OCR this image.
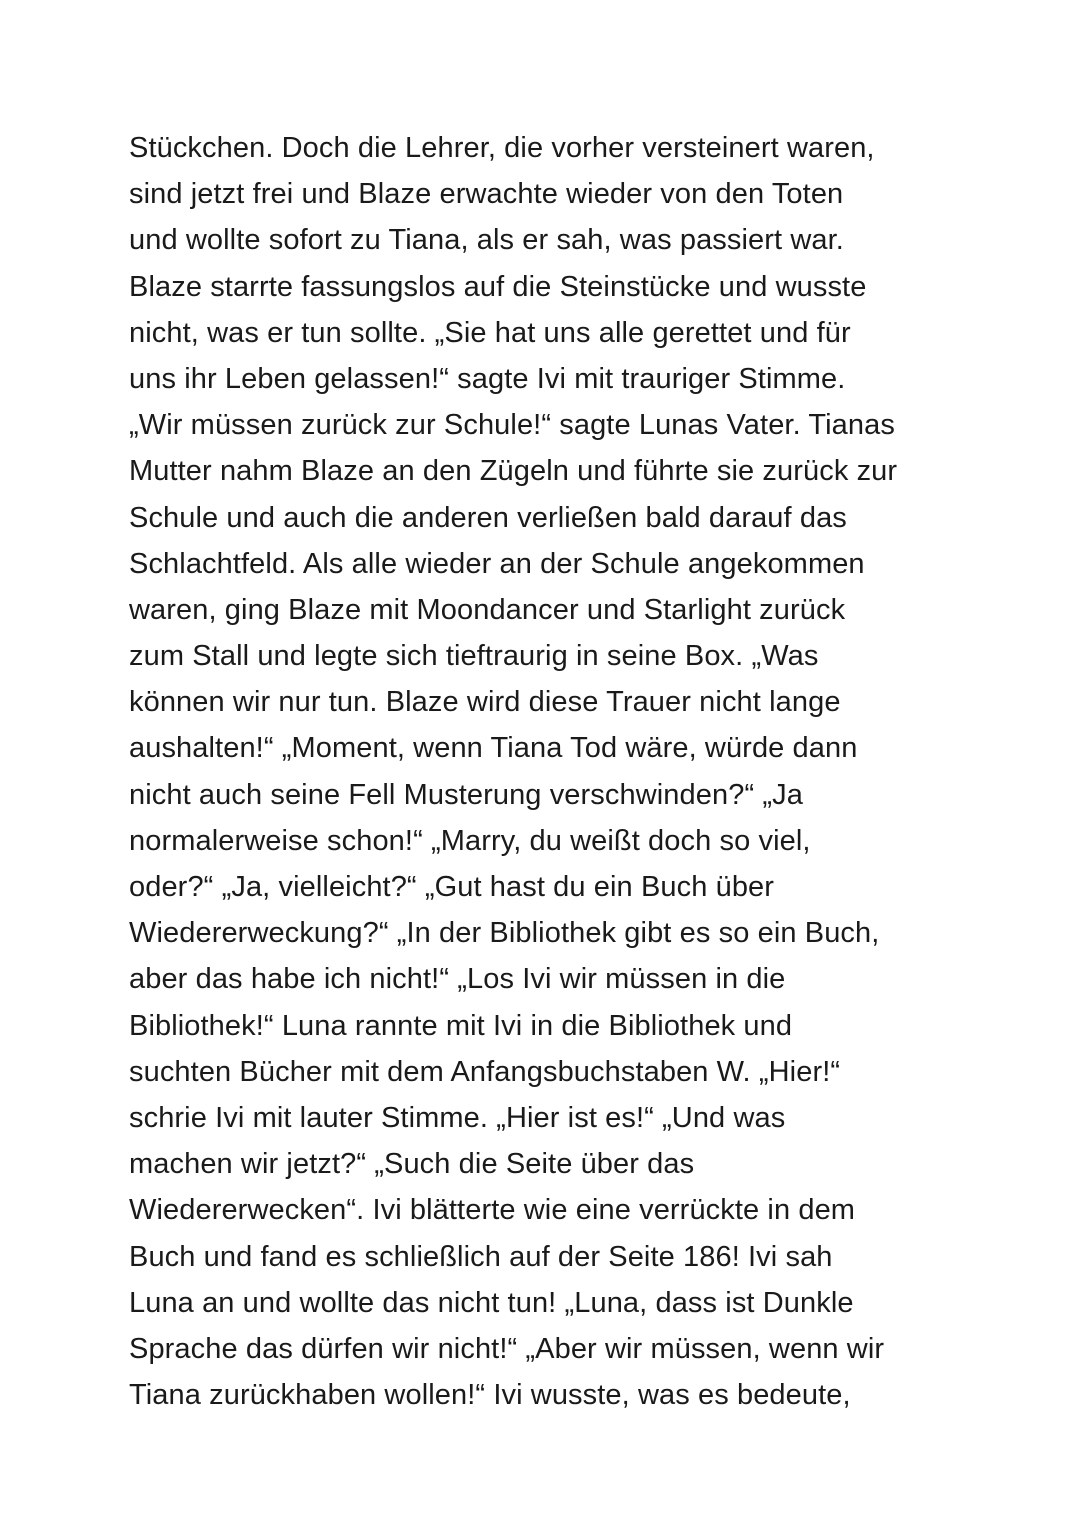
Stückchen. Doch die Lehrer, die vorher versteinert waren,
sind jetzt frei und Blaze erwachte wieder von den Toten
und wollte sofort zu Tiana, als er sah, was passiert war.
Blaze starrte fassungslos auf die Steinstücke und wusste
nicht, was er tun sollte. „Sie hat uns alle gerettet und für
uns ihr Leben gelassen!“ sagte Ivi mit trauriger Stimme.
„Wir müssen zurück zur Schule!“ sagte Lunas Vater. Tianas
Mutter nahm Blaze an den Zügeln und führte sie zurück zur
Schule und auch die anderen verließen bald darauf das
Schlachtfeld. Als alle wieder an der Schule angekommen
waren, ging Blaze mit Moondancer und Starlight zurück
zum Stall und legte sich tieftraurig in seine Box. „Was
können wir nur tun. Blaze wird diese Trauer nicht lange
aushalten!“ „Moment, wenn Tiana Tod wäre, würde dann
nicht auch seine Fell Musterung verschwinden?“ „Ja
normalerweise schon!“ „Marry, du weißt doch so viel,
oder?“ „Ja, vielleicht?“ „Gut hast du ein Buch über
Wiedererweckung?“ „In der Bibliothek gibt es so ein Buch,
aber das habe ich nicht!“ „Los Ivi wir müssen in die
Bibliothek!“ Luna rannte mit Ivi in die Bibliothek und
suchten Bücher mit dem Anfangsbuchstaben W. „Hier!“
schrie Ivi mit lauter Stimme. „Hier ist es!“ „Und was
machen wir jetzt?“ „Such die Seite über das
Wiedererwecken“. Ivi blätterte wie eine verrückte in dem
Buch und fand es schließlich auf der Seite 186! Ivi sah
Luna an und wollte das nicht tun! „Luna, dass ist Dunkle
Sprache das dürfen wir nicht!“ „Aber wir müssen, wenn wir
Tiana zurückhaben wollen!“ Ivi wusste, was es bedeute,
